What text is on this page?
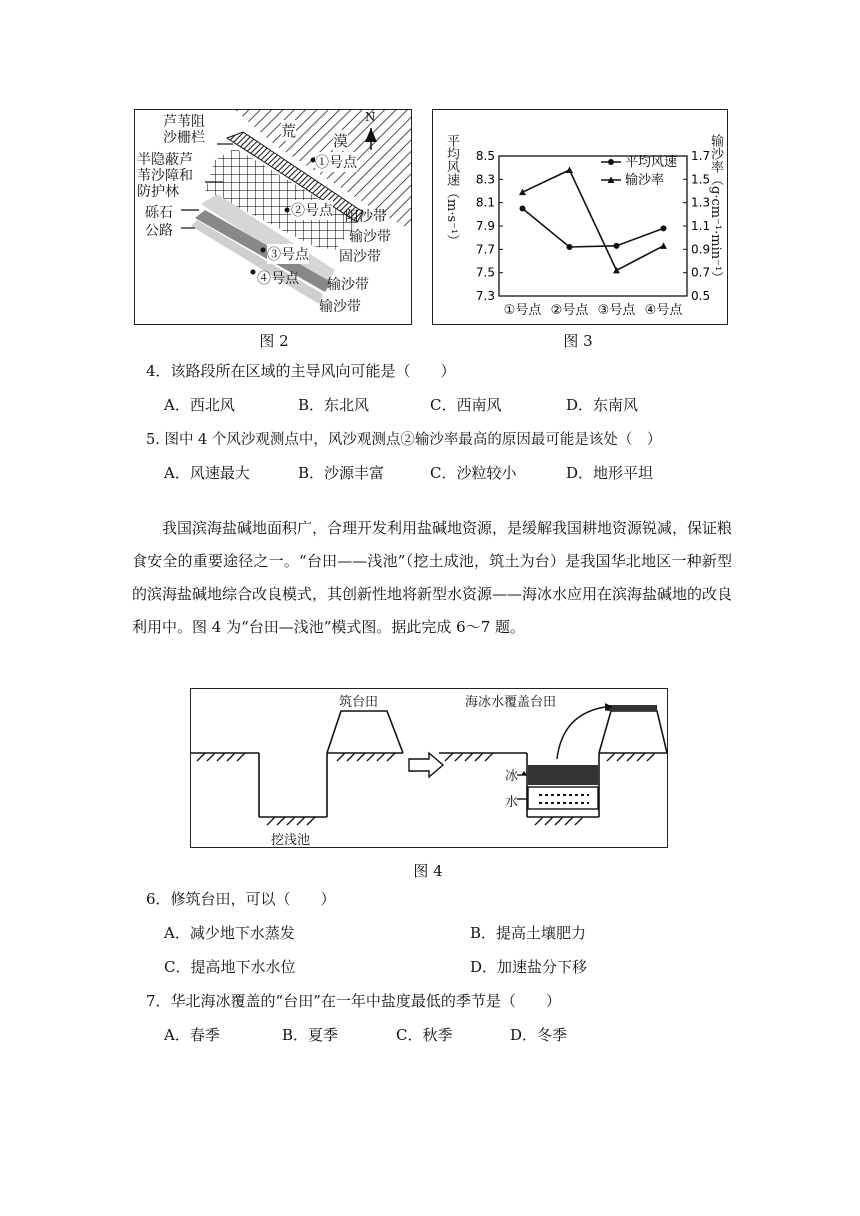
芦苇阻
沙栅栏
半隐蔽芦
苇沙障和
防护林
砾石
公路
荒
漠
N
①号点
②号点
③号点
④号点
阻沙带
输沙带
固沙带
输沙带
输沙带
图 2
8.5
8.3
8.1
7.9
7.7
7.5
7.3
1.7
1.5
1.3
1.1
0.9
0.7
0.5
①号点 ②号点 ③号点 ④号点
平均风速
输沙率
平均风速（m·s⁻¹）	输沙率（g·cm⁻¹·min⁻¹）
图 3
4．该路段所在区域的主导风向可能是（　　）
A．西北风	B．东北风	C．西南风	D．东南风
5. 图中 4 个风沙观测点中，风沙观测点②输沙率最高的原因最可能是该处（　）
A．风速最大	B．沙源丰富	C．沙粒较小	D．地形平坦
我国滨海盐碱地面积广，合理开发利用盐碱地资源，是缓解我国耕地资源锐减，保证粮食安全的重要途径之一。“台田——浅池”（挖土成池，筑土为台）是我国华北地区一种新型的滨海盐碱地综合改良模式，其创新性地将新型水资源——海冰水应用在滨海盐碱地的改良利用中。图 4 为“台田—浅池”模式图。据此完成 6～7 题。
筑台田
挖浅池
海冰水覆盖台田
冰
水
图 4
6．修筑台田，可以（　　）
A．减少地下水蒸发	B．提高土壤肥力
C．提高地下水水位	D．加速盐分下移
7．华北海冰覆盖的“台田”在一年中盐度最低的季节是（　　）
A．春季	B．夏季	C．秋季	D．冬季
